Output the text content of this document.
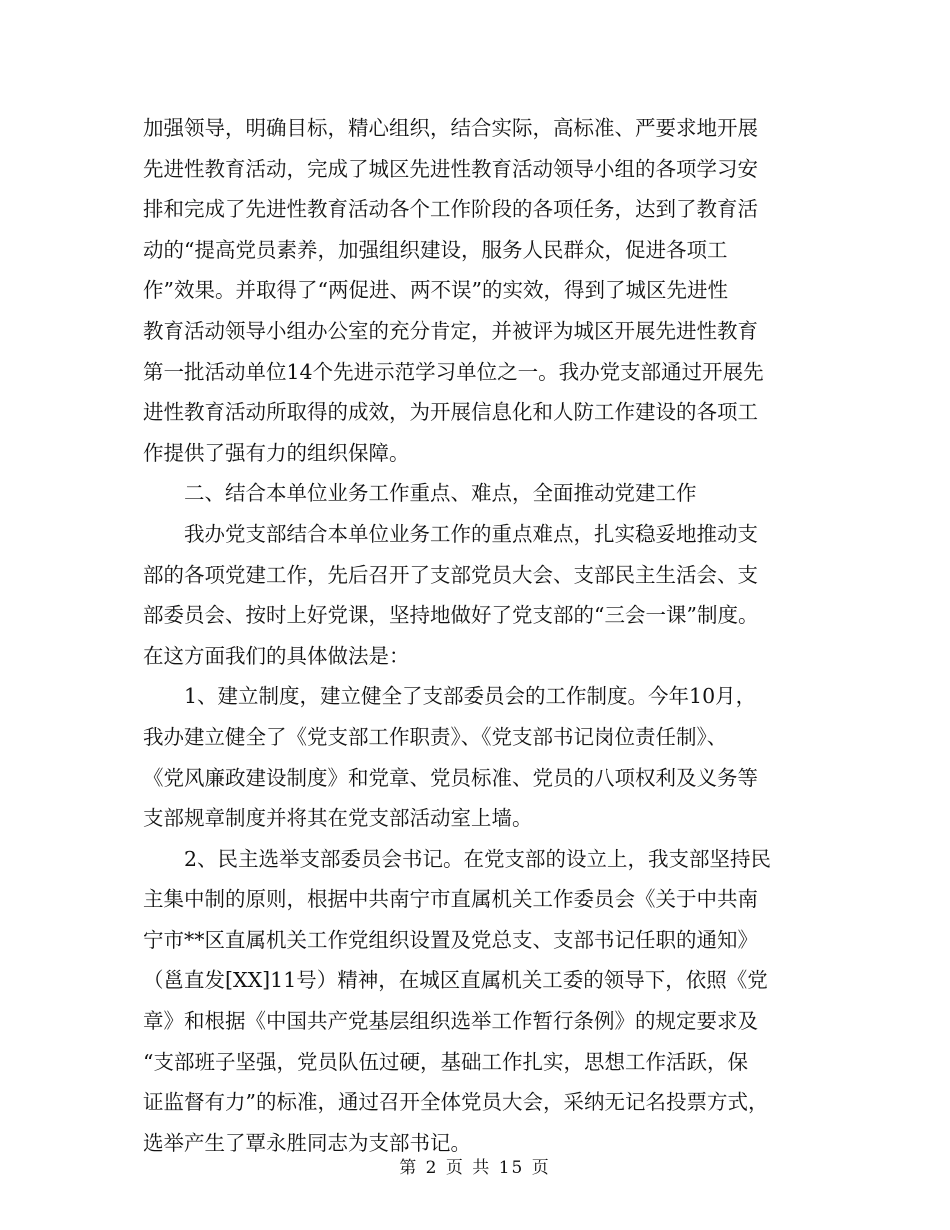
加强领导，明确目标，精心组织，结合实际，高标准、严要求地开展
先进性教育活动，完成了城区先进性教育活动领导小组的各项学习安
排和完成了先进性教育活动各个工作阶段的各项任务，达到了教育活
动的“提高党员素养，加强组织建设，服务人民群众，促进各项工
作”效果。并取得了“两促进、两不误”的实效，得到了城区先进性
教育活动领导小组办公室的充分肯定，并被评为城区开展先进性教育
第一批活动单位14个先进示范学习单位之一。我办党支部通过开展先
进性教育活动所取得的成效，为开展信息化和人防工作建设的各项工
作提供了强有力的组织保障。
二、结合本单位业务工作重点、难点，全面推动党建工作
我办党支部结合本单位业务工作的重点难点，扎实稳妥地推动支
部的各项党建工作，先后召开了支部党员大会、支部民主生活会、支
部委员会、按时上好党课，坚持地做好了党支部的“三会一课”制度。
在这方面我们的具体做法是：
1、建立制度，建立健全了支部委员会的工作制度。今年10月，
我办建立健全了《党支部工作职责》、《党支部书记岗位责任制》、
《党风廉政建设制度》和党章、党员标准、党员的八项权利及义务等
支部规章制度并将其在党支部活动室上墙。
2、民主选举支部委员会书记。在党支部的设立上，我支部坚持民
主集中制的原则，根据中共南宁市直属机关工作委员会《关于中共南
宁市**区直属机关工作党组织设置及党总支、支部书记任职的通知》
（邕直发[XX]11号）精神，在城区直属机关工委的领导下，依照《党
章》和根据《中国共产党基层组织选举工作暂行条例》的规定要求及
“支部班子坚强，党员队伍过硬，基础工作扎实，思想工作活跃，保
证监督有力”的标准，通过召开全体党员大会，采纳无记名投票方式，
选举产生了覃永胜同志为支部书记。
第 2 页 共 15 页
